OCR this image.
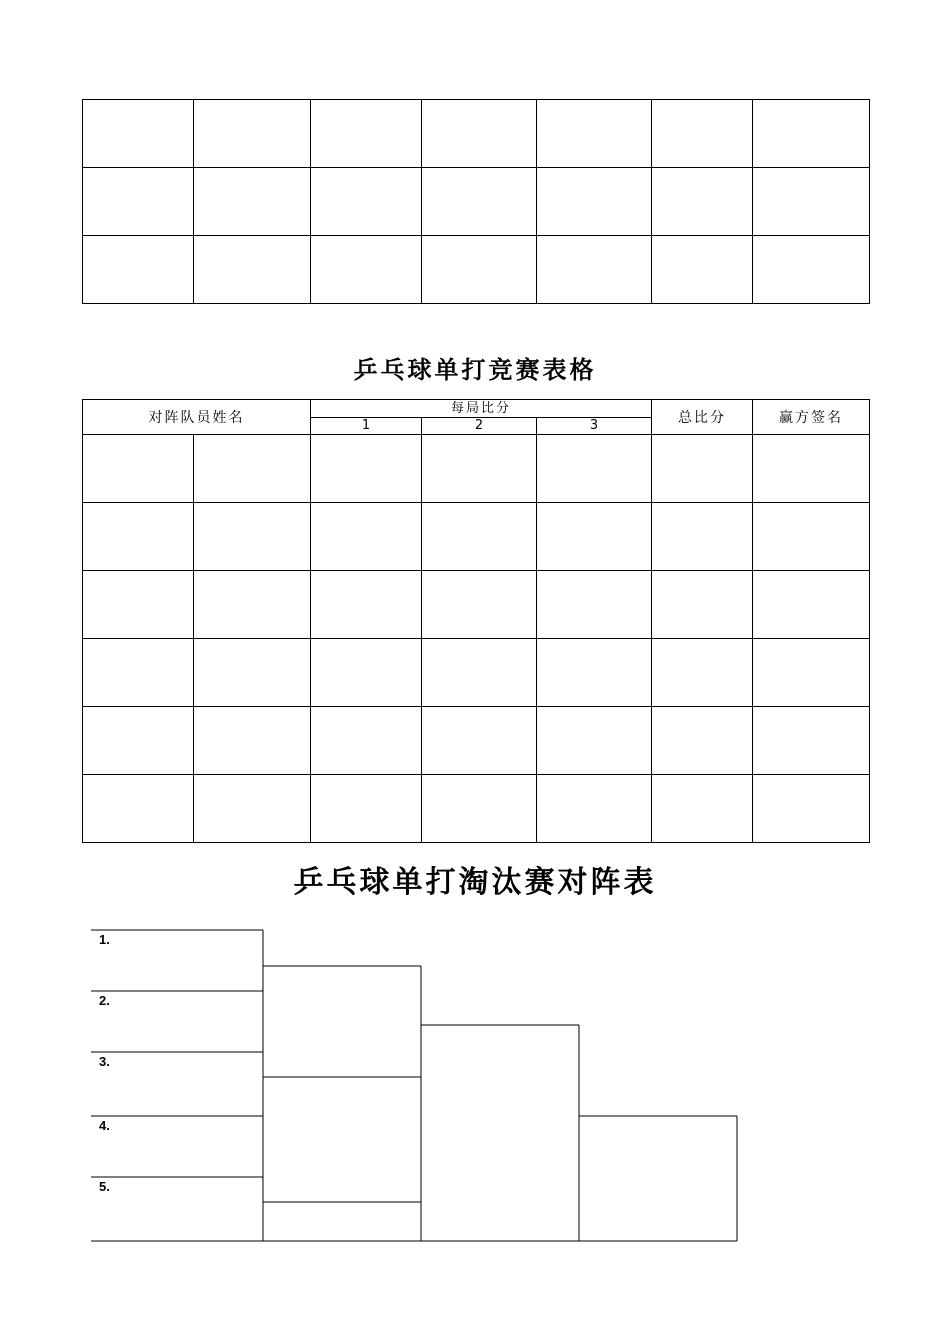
乒乓球单打竞赛表格
对阵队员姓名		每局比分			总比分	赢方签名
		1	2	3		

乒乓球单打淘汰赛对阵表
1.
2.
3.
4.
5.
